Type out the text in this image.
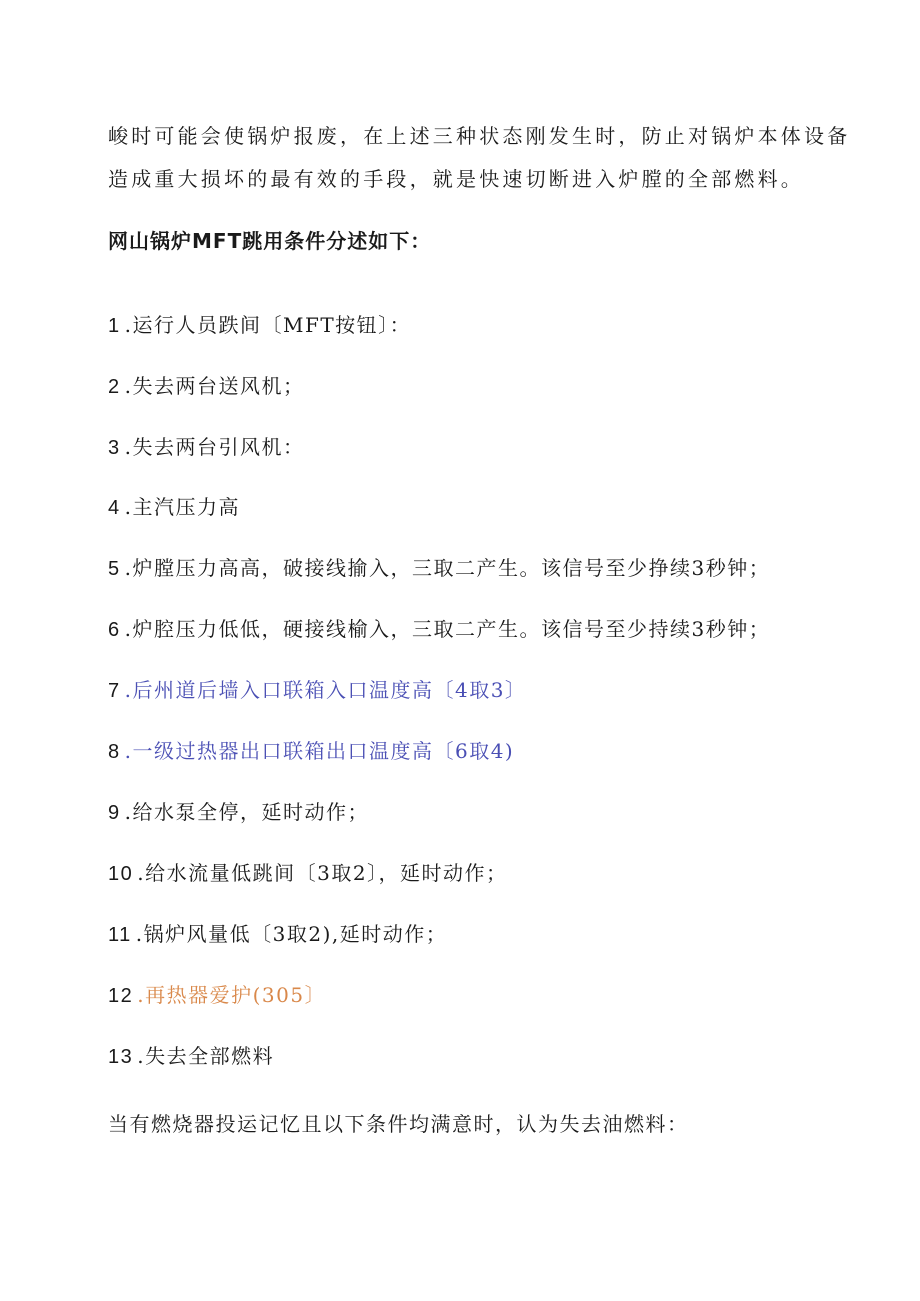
峻时可能会使锅炉报废，在上述三种状态刚发生时，防止对锅炉本体设备
造成重大损坏的最有效的手段，就是快速切断进入炉膛的全部燃料。
网山锅炉MFT跳用条件分述如下：
1 .运行人员跌间〔MFT按钮〕：
2 .失去两台送风机；
3 .失去两台引风机：
4 .主汽压力高
5 .炉膛压力高高，破接线揄入，三取二产生。该信号至少挣续3秒钟；
6 .炉腔压力低低，硬接线榆入，三取二产生。该信号至少持续3秒钟；
7 .后州道后墙入口联箱入口温度高〔4取3〕
8 .一级过热器出口联箱出口温度高〔6取4)
9 .给水泵全停，延时动作；
10 .给水流量低跳间〔3取2〕，延时动作；
11 .锅炉风量低〔3取2),延时动作；
12 .再热器爱护(305〕
13 .失去全部燃料
当有燃烧器投运记忆且以下条件均满意时，认为失去油燃料：
